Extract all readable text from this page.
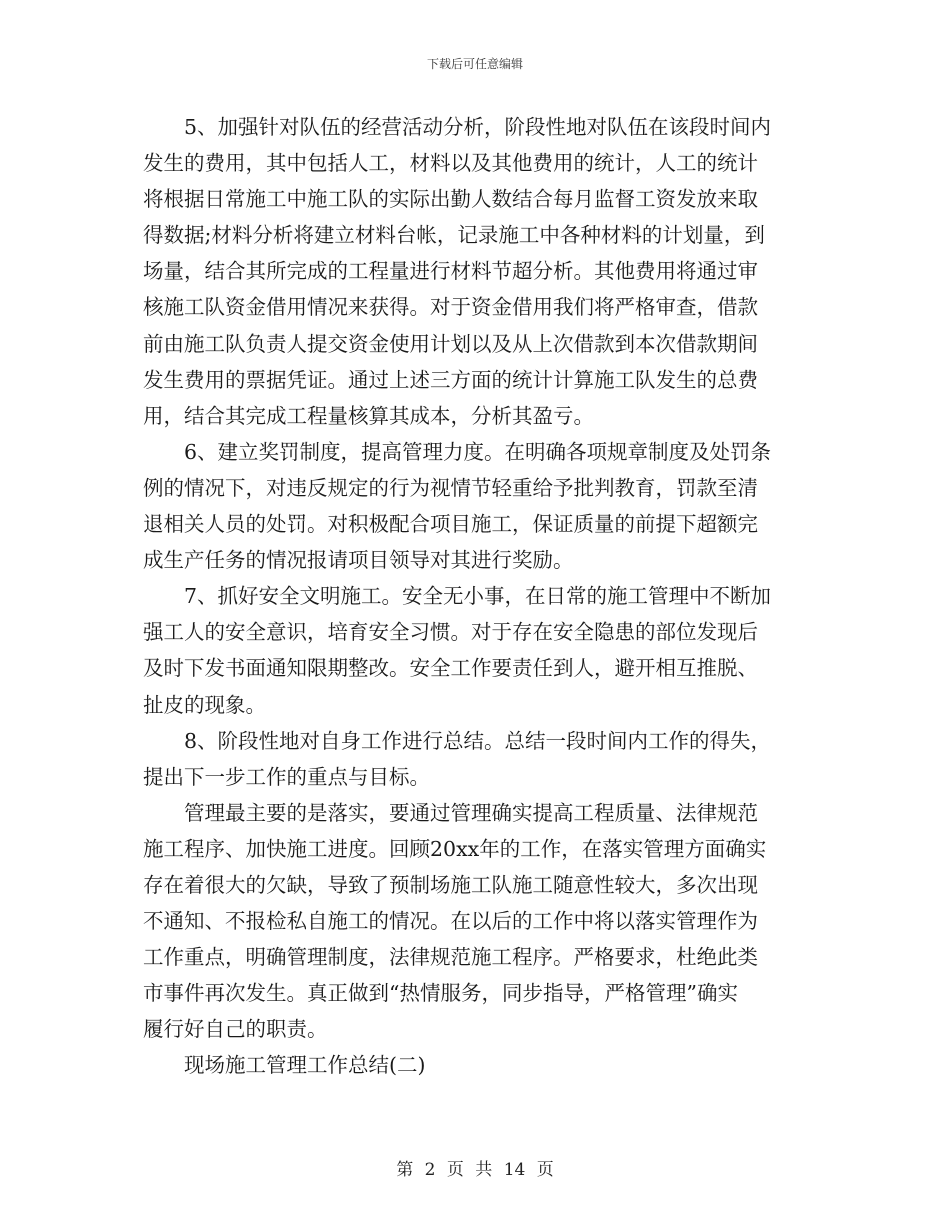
下载后可任意编辑

5、加强针对队伍的经营活动分析，阶段性地对队伍在该段时间内
发生的费用，其中包括人工，材料以及其他费用的统计，人工的统计
将根据日常施工中施工队的实际出勤人数结合每月监督工资发放来取
得数据;材料分析将建立材料台帐，记录施工中各种材料的计划量，到
场量，结合其所完成的工程量进行材料节超分析。其他费用将通过审
核施工队资金借用情况来获得。对于资金借用我们将严格审查，借款
前由施工队负责人提交资金使用计划以及从上次借款到本次借款期间
发生费用的票据凭证。通过上述三方面的统计计算施工队发生的总费
用，结合其完成工程量核算其成本，分析其盈亏。

6、建立奖罚制度，提高管理力度。在明确各项规章制度及处罚条
例的情况下，对违反规定的行为视情节轻重给予批判教育，罚款至清
退相关人员的处罚。对积极配合项目施工，保证质量的前提下超额完
成生产任务的情况报请项目领导对其进行奖励。

7、抓好安全文明施工。安全无小事，在日常的施工管理中不断加
强工人的安全意识，培育安全习惯。对于存在安全隐患的部位发现后
及时下发书面通知限期整改。安全工作要责任到人，避开相互推脱、
扯皮的现象。

8、阶段性地对自身工作进行总结。总结一段时间内工作的得失，
提出下一步工作的重点与目标。

管理最主要的是落实，要通过管理确实提高工程质量、法律规范
施工程序、加快施工进度。回顾20xx年的工作，在落实管理方面确实
存在着很大的欠缺，导致了预制场施工队施工随意性较大，多次出现
不通知、不报检私自施工的情况。在以后的工作中将以落实管理作为
工作重点，明确管理制度，法律规范施工程序。严格要求，杜绝此类
市事件再次发生。真正做到“热情服务，同步指导，严格管理”确实
履行好自己的职责。

现场施工管理工作总结(二)

第 2 页 共 14 页
